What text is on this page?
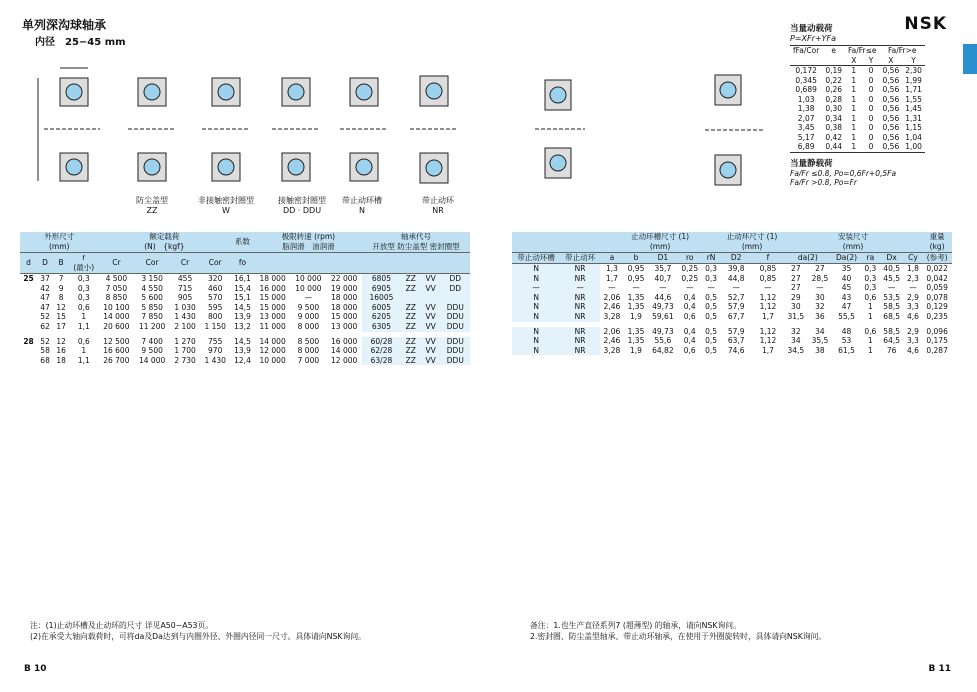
单列深沟球轴承
内径　25−45 mm
NSK
防尘盖型
ZZ
非接触密封圈型
W
接触密封圈型
DD · DDU
带止动环槽
N
带止动环
NR
当量动载荷
P=XFr+YFa
fFa/Cor	e	Fa/Fr≤e		Fa/Fr>e	
		X	Y	X	Y
0,172	0,19	1	0	0,56	2,30
0,345	0,22	1	0	0,56	1,99
0,689	0,26	1	0	0,56	1,71
1,03	0,28	1	0	0,56	1,55
1,38	0,30	1	0	0,56	1,45
2,07	0,34	1	0	0,56	1,31
3,45	0,38	1	0	0,56	1,15
5,17	0,42	1	0	0,56	1,04
6,89	0,44	1	0	0,56	1,00
当量静载荷
Fa/Fr ≤0.8, Po=0,6Fr+0,5Fa
Fa/Fr >0.8, Po=Fr
外形尺寸
(mm)				额定载荷
(N)　 {kgf}				系数	极限转速 (rpm)
脂润滑　 油润滑			轴承代号
开放型 防尘盖型 密封圈型			
d	D	B	r
(最小)	Cr	Cor	Cr	Cor	fo							
25	37	7	0,3	4 500	3 150	455	320	16,1	18 000	10 000	22 000	6805	ZZ	VV	DD
	42	9	0,3	7 050	4 550	715	460	15,4	16 000	10 000	19 000	6905	ZZ	VV	DD
	47	8	0,3	8 850	5 600	905	570	15,1	15 000	—	18 000	16005			
	47	12	0,6	10 100	5 850	1 030	595	14,5	15 000	9 500	18 000	6005	ZZ	VV	DDU
	52	15	1	14 000	7 850	1 430	800	13,9	13 000	9 000	15 000	6205	ZZ	VV	DDU
	62	17	1,1	20 600	11 200	2 100	1 150	13,2	11 000	8 000	13 000	6305	ZZ	VV	DDU

28	52	12	0,6	12 500	7 400	1 270	755	14,5	14 000	8 500	16 000	60/28	ZZ	VV	DDU
	58	16	1	16 600	9 500	1 700	970	13,9	12 000	8 000	14 000	62/28	ZZ	VV	DDU
	68	18	1,1	26 700	14 000	2 730	1 430	12,4	10 000	7 000	12 000	63/28	ZZ	VV	DDU
		止动环槽尺寸 (1)
(mm)					止动环尺寸 (1)
(mm)		安装尺寸
(mm)						重量
(kg)
带止动环槽	带止动环	a	b	D1	ro	rN	D2	f	da(2)		Da(2)	ra	Dx	Cy	(参考)
N	NR	1,3	0,95	35,7	0,25	0,3	39,8	0,85	27	27	35	0,3	40,5	1,8	0,022
N	NR	1,7	0,95	40,7	0,25	0,3	44,8	0,85	27	28,5	40	0,3	45,5	2,3	0,042
—	—	—	—	—	—	—	—	—	27	—	45	0,3	—	—	0,059
N	NR	2,06	1,35	44,6	0,4	0,5	52,7	1,12	29	30	43	0,6	53,5	2,9	0,078
N	NR	2,46	1,35	49,73	0,4	0,5	57,9	1,12	30	32	47	1	58,5	3,3	0,129
N	NR	3,28	1,9	59,61	0,6	0,5	67,7	1,7	31,5	36	55,5	1	68,5	4,6	0,235

N	NR	2,06	1,35	49,73	0,4	0,5	57,9	1,12	32	34	48	0,6	58,5	2,9	0,096
N	NR	2,46	1,35	55,6	0,4	0,5	63,7	1,12	34	35,5	53	1	64,5	3,3	0,175
N	NR	3,28	1,9	64,82	0,6	0,5	74,6	1,7	34,5	38	61,5	1	76	4,6	0,287
注：(1)止动环槽及止动环的尺寸 详见A50−A53页。
(2)在承受大轴向载荷时，可将da及Da达到与内圈外径、外圈内径同一尺寸。具体请向NSK询问。
备注：1.也生产直径系列7 (超薄型) 的轴承，请向NSK询问。
2.密封圈、防尘盖型轴承、带止动环轴承，在使用于外圈旋转时，具体请向NSK询问。
B 10	B 11
